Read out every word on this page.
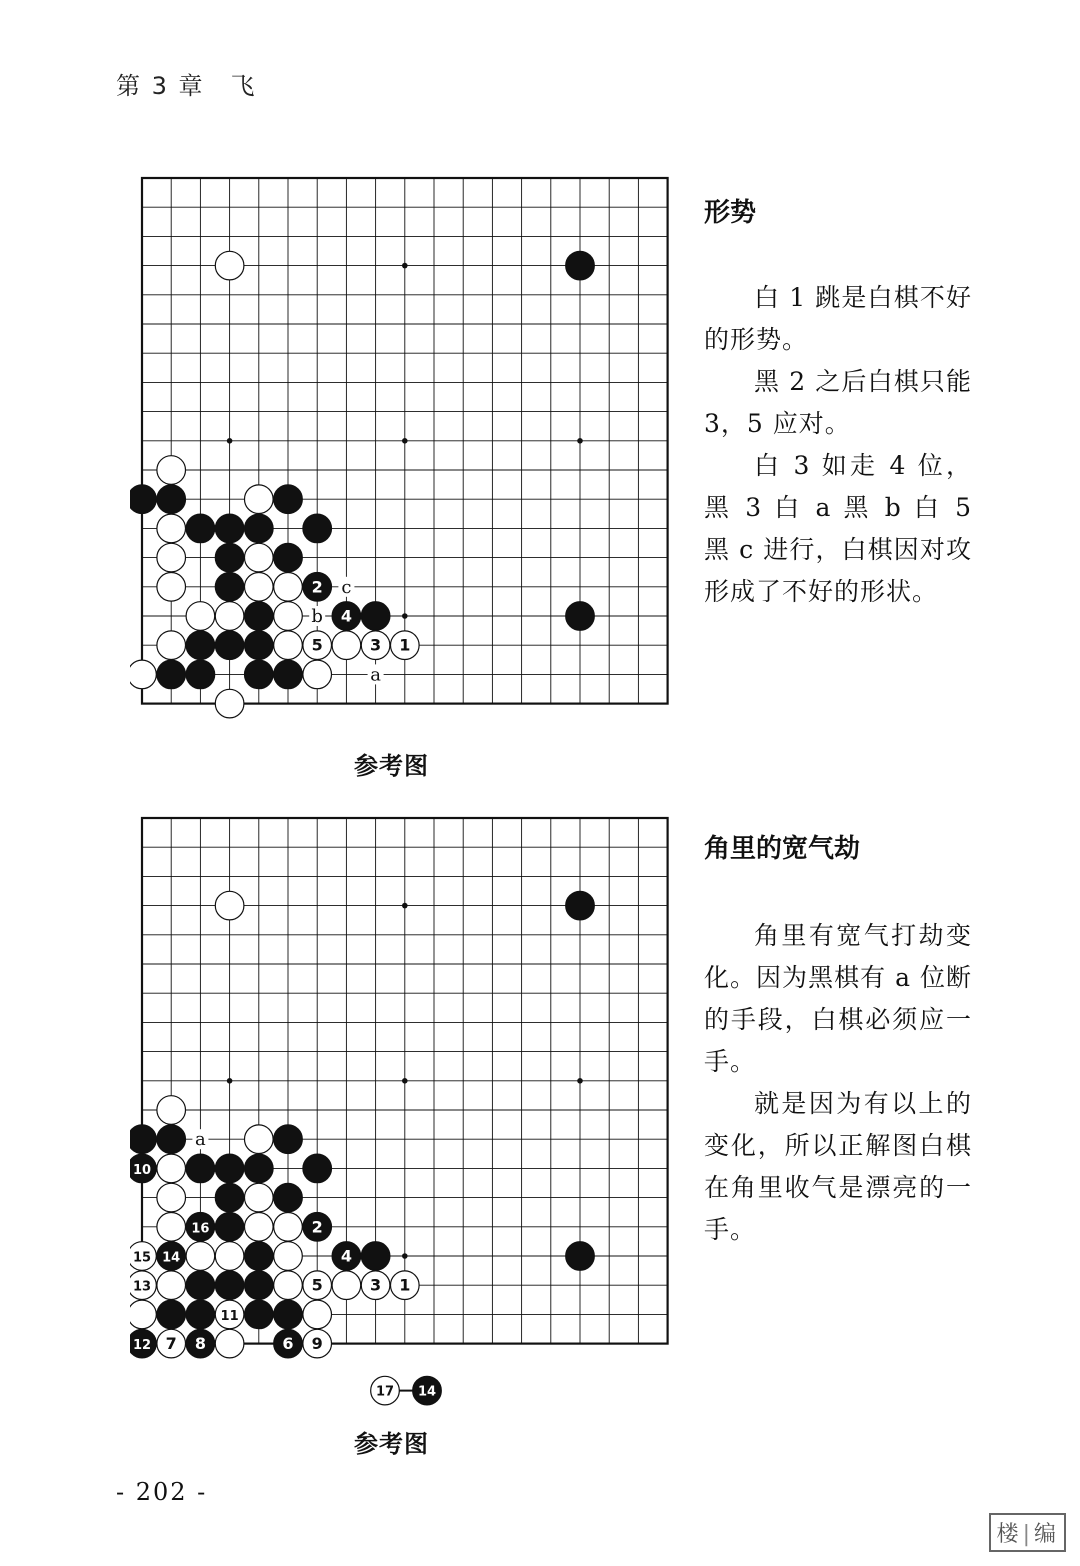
第 3 章　飞
2
4
5	3 1
c
b
a
参考图
10
16	2
15 14	4
13	5	3 1
11
12 7 8	6 9
a
17 14
参考图
形势

白 1 跳是白棋不好的形势。

黑 2 之后白棋只能 3，5 应对。

白 3 如走 4 位，黑 3 白 a 黑 b 白 5 黑 c 进行，白棋因对攻形成了不好的形状。

角里的宽气劫

角里有宽气打劫变化。因为黑棋有 a 位断的手段，白棋必须应一手。

就是因为有以上的变化，所以正解图白棋在角里收气是漂亮的一手。

- 202 -
楼|编
